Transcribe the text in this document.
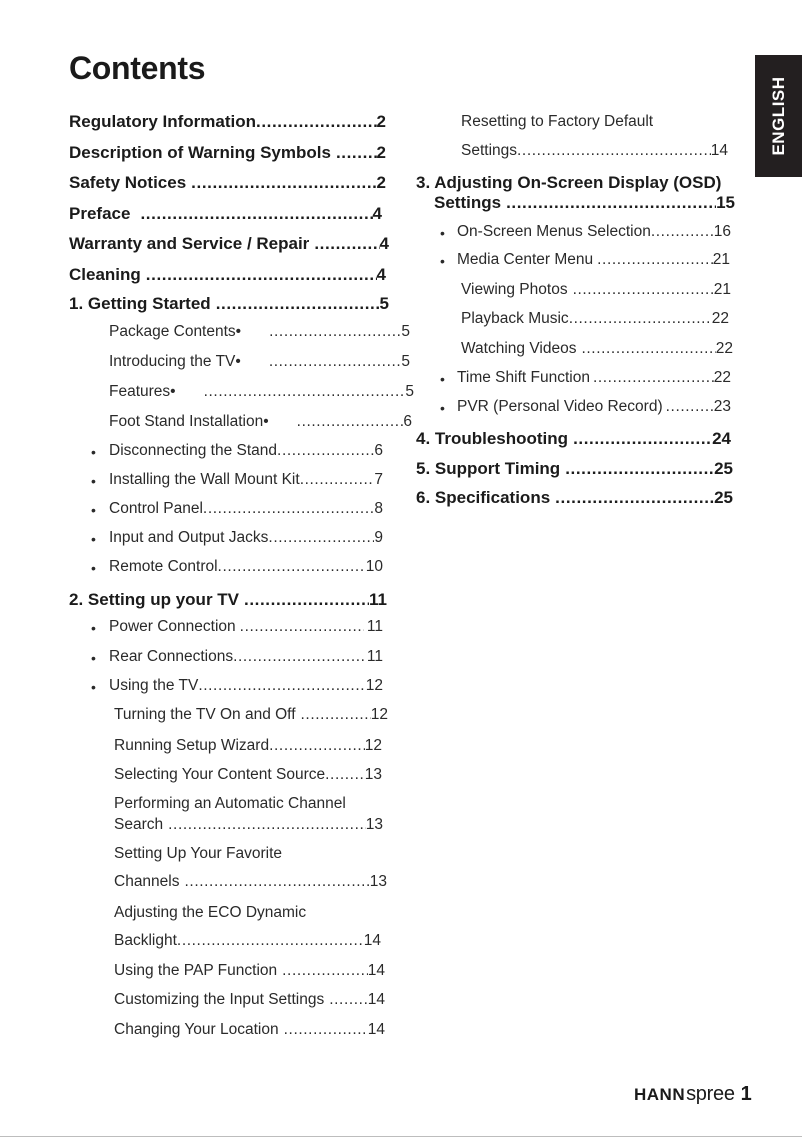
Contents
ENGLISH
Regulatory Information .....	2
Description of Warning Symbols .....	2
Safety Notices .....	2
Preface .....	4
Warranty and Service / Repair .....	4
Cleaning .....	4
1. Getting Started .....	5
Package Contents• .....	5
Introducing the TV• .....	5
Features• .....	5
Foot Stand Installation• .....	6
• Disconnecting the Stand .....	6
• Installing the Wall Mount Kit .....	7
• Control Panel .....	8
• Input and Output Jacks .....	9
• Remote Control .....	10
2. Setting up your TV .....	11
• Power Connection .....	11
• Rear Connections .....	11
• Using the TV .....	12
Turning the TV On and Off .....	12
Running Setup Wizard .....	12
Selecting Your Content Source .....	13
Performing an Automatic Channel
Search .....	13
Setting Up Your Favorite
Channels .....	13
Adjusting the ECO Dynamic
Backlight .....	14
Using the PAP Function .....	14
Customizing the Input Settings .....	14
Changing Your Location .....	14
Resetting to Factory Default
Settings .....	14
3. Adjusting On-Screen Display (OSD)
Settings .....	15
• On-Screen Menus Selection .....	16
• Media Center Menu .....	21
Viewing Photos .....	21
Playback Music .....	22
Watching Videos .....	22
• Time Shift Function .....	22
• PVR (Personal Video Record) .....	23
4. Troubleshooting .....	24
5. Support Timing .....	25
6. Specifications .....	25
HANN spree 1
